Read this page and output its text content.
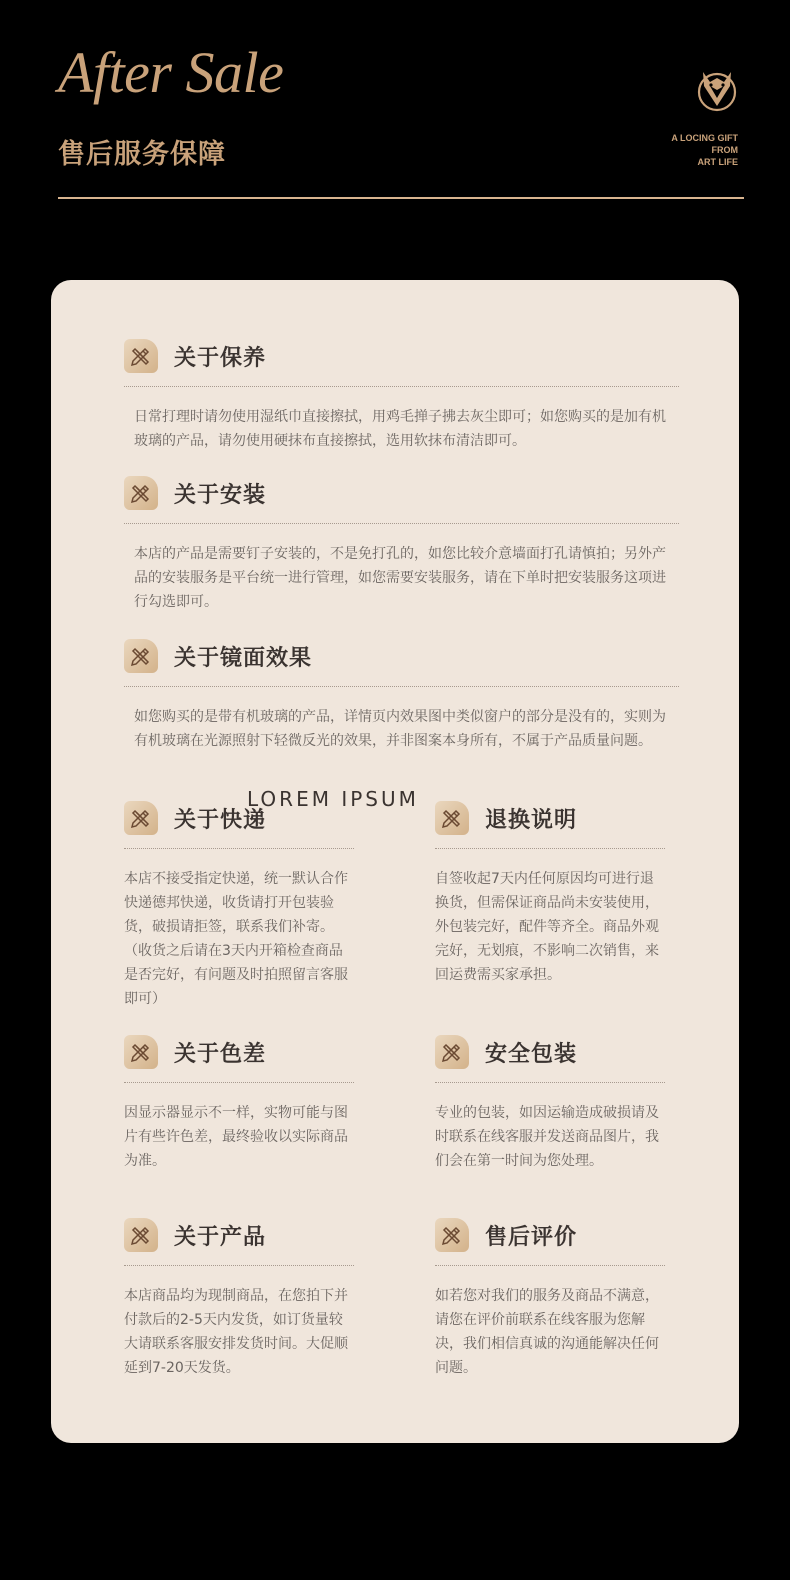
After Sale
售后服务保障
A LOCING GIFT
FROM
ART LIFE
关于保养
日常打理时请勿使用湿纸巾直接擦拭，用鸡毛掸子拂去灰尘即可；如您购买的是加有机玻璃的产品，请勿使用硬抹布直接擦拭，选用软抹布清洁即可。
关于安装
本店的产品是需要钉子安装的，不是免打孔的，如您比较介意墙面打孔请慎拍；另外产品的安装服务是平台统一进行管理，如您需要安装服务，请在下单时把安装服务这项进行勾选即可。
关于镜面效果
如您购买的是带有机玻璃的产品，详情页内效果图中类似窗户的部分是没有的，实则为有机玻璃在光源照射下轻微反光的效果，并非图案本身所有，不属于产品质量问题。
关于快递
本店不接受指定快递，统一默认合作快递德邦快递，收货请打开包装验货，破损请拒签，联系我们补寄。（收货之后请在3天内开箱检查商品是否完好，有问题及时拍照留言客服即可）
退换说明
自签收起7天内任何原因均可进行退换货，但需保证商品尚未安装使用，外包装完好，配件等齐全。商品外观完好，无划痕，不影响二次销售，来回运费需买家承担。
关于色差
因显示器显示不一样，实物可能与图片有些许色差，最终验收以实际商品为准。
安全包装
专业的包装，如因运输造成破损请及时联系在线客服并发送商品图片，我们会在第一时间为您处理。
关于产品
本店商品均为现制商品，在您拍下并付款后的2-5天内发货，如订货量较大请联系客服安排发货时间。大促顺延到7-20天发货。
售后评价
如若您对我们的服务及商品不满意，请您在评价前联系在线客服为您解决，我们相信真诚的沟通能解决任何问题。
LOREM IPSUM
